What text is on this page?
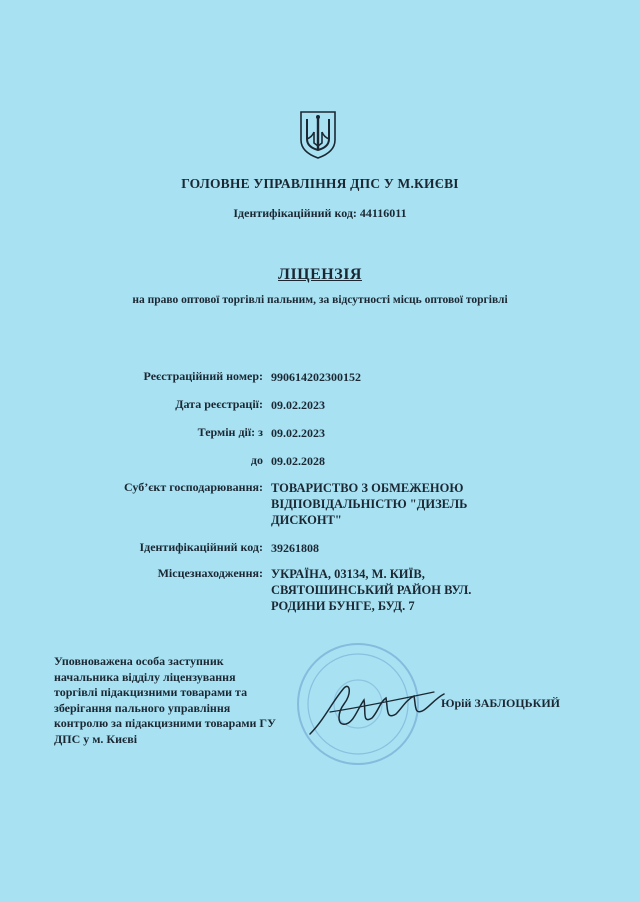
ГОЛОВНЕ УПРАВЛІННЯ ДПС У М.КИЄВІ
Ідентифікаційний код: 44116011
ЛІЦЕНЗІЯ
на право оптової торгівлі пальним, за відсутності місць оптової торгівлі
Реєстраційний номер: 990614202300152
Дата реєстрації: 09.02.2023
Термін дії: з 09.02.2023
до 09.02.2028
Суб’єкт господарювання: ТОВАРИСТВО З ОБМЕЖЕНОЮ
ВІДПОВІДАЛЬНІСТЮ "ДИЗЕЛЬ
ДИСКОНТ"
Ідентифікаційний код: 39261808
Місцезнаходження: УКРАЇНА, 03134, М. КИЇВ,
СВЯТОШИНСЬКИЙ РАЙОН ВУЛ.
РОДИНИ БУНГЕ, БУД. 7
Уповноважена особа заступник
начальника відділу ліцензування
торгівлі підакцизними товарами та
зберігання пального управління
контролю за підакцизними товарами ГУ
ДПС у м. Києві
Юрій ЗАБЛОЦЬКИЙ
